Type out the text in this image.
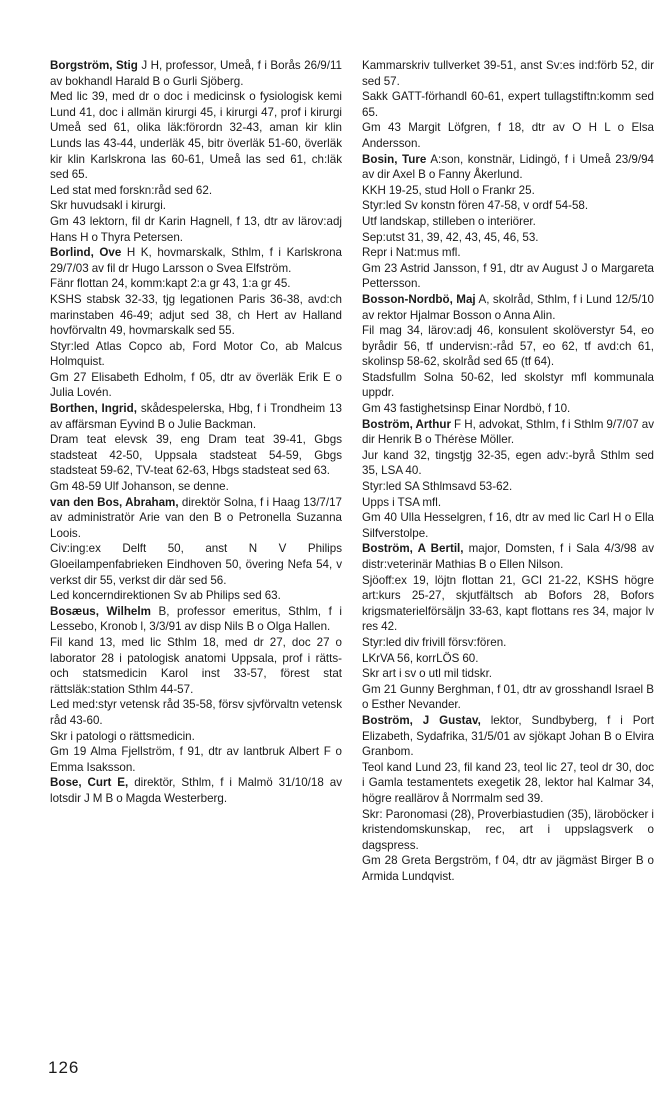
Borgström, Stig J H, professor, Umeå, f i Borås 26/9/11 av bokhandl Harald B o Gurli Sjöberg.

Med lic 39, med dr o doc i medicinsk o fysiologisk kemi Lund 41, doc i allmän kirurgi 45, i kirurgi 47, prof i kirurgi Umeå sed 61, olika läk:förordn 32-43, aman kir klin Lunds las 43-44, underläk 45, bitr överläk 51-60, överläk kir klin Karlskrona las 60-61, Umeå las sed 61, ch:läk sed 65.

Led stat med forskn:råd sed 62.

Skr huvudsakl i kirurgi.

Gm 43 lektorn, fil dr Karin Hagnell, f 13, dtr av lärov:adj Hans H o Thyra Petersen.

Borlind, Ove H K, hovmarskalk, Sthlm, f i Karlskrona 29/7/03 av fil dr Hugo Larsson o Svea Elfström.

Fänr flottan 24, komm:kapt 2:a gr 43, 1:a gr 45.

KSHS stabsk 32-33, tjg legationen Paris 36-38, avd:ch marinstaben 46-49; adjut sed 38, ch Hert av Halland hovförvaltn 49, hovmarskalk sed 55.

Styr:led Atlas Copco ab, Ford Motor Co, ab Malcus Holmquist.

Gm 27 Elisabeth Edholm, f 05, dtr av överläk Erik E o Julia Lovén.

Borthen, Ingrid, skådespelerska, Hbg, f i Trondheim 13 av affärsman Eyvind B o Julie Backman.

Dram teat elevsk 39, eng Dram teat 39-41, Gbgs stadsteat 42-50, Uppsala stadsteat 54-59, Gbgs stadsteat 59-62, TV-teat 62-63, Hbgs stadsteat sed 63.

Gm 48-59 Ulf Johanson, se denne.

van den Bos, Abraham, direktör Solna, f i Haag 13/7/17 av administratör Arie van den B o Petronella Suzanna Loois.

Civ:ing:ex Delft 50, anst N V Philips Gloeilampenfabrieken Eindhoven 50, övering Nefa 54, v verkst dir 55, verkst dir där sed 56.

Led koncerndirektionen Sv ab Philips sed 63.

Bosæus, Wilhelm B, professor emeritus, Sthlm, f i Lessebo, Kronob l, 3/3/91 av disp Nils B o Olga Hallen.

Fil kand 13, med lic Sthlm 18, med dr 27, doc 27 o laborator 28 i patologisk anatomi Uppsala, prof i rätts- och statsmedicin Karol inst 33-57, förest stat rättsläk:station Sthlm 44-57.

Led med:styr vetensk råd 35-58, försv sjvförvaltn vetensk råd 43-60.

Skr i patologi o rättsmedicin.

Gm 19 Alma Fjellström, f 91, dtr av lantbruk Albert F o Emma Isaksson.

Bose, Curt E, direktör, Sthlm, f i Malmö 31/10/18 av lotsdir J M B o Magda Westerberg.

Kammarskriv tullverket 39-51, anst Sv:es ind:förb 52, dir sed 57.

Sakk GATT-förhandl 60-61, expert tullagstiftn:komm sed 65.

Gm 43 Margit Löfgren, f 18, dtr av O H L o Elsa Andersson.

Bosin, Ture A:son, konstnär, Lidingö, f i Umeå 23/9/94 av dir Axel B o Fanny Åkerlund.

KKH 19-25, stud Holl o Frankr 25.

Styr:led Sv konstn fören 47-58, v ordf 54-58.

Utf landskap, stilleben o interiörer.

Sep:utst 31, 39, 42, 43, 45, 46, 53.

Repr i Nat:mus mfl.

Gm 23 Astrid Jansson, f 91, dtr av August J o Margareta Pettersson.

Bosson-Nordbö, Maj A, skolråd, Sthlm, f i Lund 12/5/10 av rektor Hjalmar Bosson o Anna Alin.

Fil mag 34, lärov:adj 46, konsulent skolöverstyr 54, eo byrådir 56, tf undervisn:-råd 57, eo 62, tf avd:ch 61, skolinsp 58-62, skolråd sed 65 (tf 64).

Stadsfullm Solna 50-62, led skolstyr mfl kommunala uppdr.

Gm 43 fastighetsinsp Einar Nordbö, f 10.

Boström, Arthur F H, advokat, Sthlm, f i Sthlm 9/7/07 av dir Henrik B o Thérèse Möller.

Jur kand 32, tingstjg 32-35, egen adv:-byrå Sthlm sed 35, LSA 40.

Styr:led SA Sthlmsavd 53-62.

Upps i TSA mfl.

Gm 40 Ulla Hesselgren, f 16, dtr av med lic Carl H o Ella Silfverstolpe.

Boström, A Bertil, major, Domsten, f i Sala 4/3/98 av distr:veterinär Mathias B o Ellen Nilson.

Sjöoff:ex 19, löjtn flottan 21, GCI 21-22, KSHS högre art:kurs 25-27, skjutfältsch ab Bofors 28, Bofors krigsmaterielförsäljn 33-63, kapt flottans res 34, major lv res 42.

Styr:led div frivill försv:fören.

LKrVA 56, korrLÖS 60.

Skr art i sv o utl mil tidskr.

Gm 21 Gunny Berghman, f 01, dtr av grosshandl Israel B o Esther Nevander.

Boström, J Gustav, lektor, Sundbyberg, f i Port Elizabeth, Sydafrika, 31/5/01 av sjökapt Johan B o Elvira Granbom.

Teol kand Lund 23, fil kand 23, teol lic 27, teol dr 30, doc i Gamla testamentets exegetik 28, lektor hal Kalmar 34, högre reallärov å Norrmalm sed 39.

Skr: Paronomasi (28), Proverbiastudien (35), läroböcker i kristendomskunskap, rec, art i uppslagsverk o dagspress.

Gm 28 Greta Bergström, f 04, dtr av jägmäst Birger B o Armida Lundqvist.

126
